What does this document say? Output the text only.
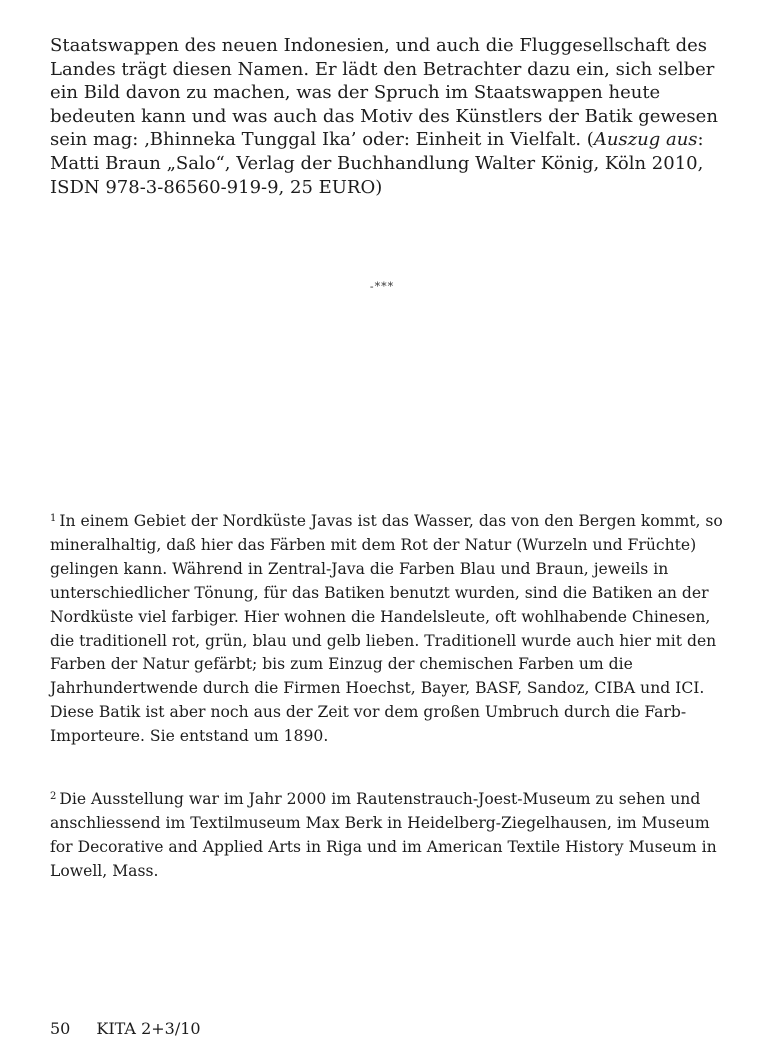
Staatswappen des neuen Indonesien, und auch die Fluggesellschaft des Landes trägt diesen Namen. Er lädt den Betrachter dazu ein, sich selber ein Bild davon zu machen, was der Spruch im Staatswappen heute bedeuten kann und was auch das Motiv des Künstlers der Batik gewesen sein mag: ‚Bhinneka Tunggal Ika’ oder: Einheit in Vielfalt. (Auszug aus: Matti Braun „Salo“, Verlag der Buchhandlung Walter König, Köln 2010, ISDN 978-3-86560-919-9, 25 EURO)

-***

$^1$ In einem Gebiet der Nordküste Javas ist das Wasser, das von den Bergen kommt, so mineralhaltig, daß hier das Färben mit dem Rot der Natur (Wurzeln und Früchte) gelingen kann. Während in Zentral-Java die Farben Blau und Braun, jeweils in unterschiedlicher Tönung, für das Batiken benutzt wurden, sind die Batiken an der Nordküste viel farbiger. Hier wohnen die Handelsleute, oft wohlhabende Chinesen, die traditionell rot, grün, blau und gelb lieben. Traditionell wurde auch hier mit den Farben der Natur gefärbt; bis zum Einzug der chemischen Farben um die Jahrhundertwende durch die Firmen Hoechst, Bayer, BASF, Sandoz, CIBA und ICI. Diese Batik ist aber noch aus der Zeit vor dem großen Umbruch durch die Farb-Importeure. Sie entstand um 1890.

$^2$ Die Ausstellung war im Jahr 2000 im Rautenstrauch-Joest-Museum zu sehen und anschliessend im Textilmuseum Max Berk in Heidelberg-Ziegelhausen, im Museum for Decorative and Applied Arts in Riga und im American Textile History Museum in Lowell, Mass.

50 KITA 2+3/10
